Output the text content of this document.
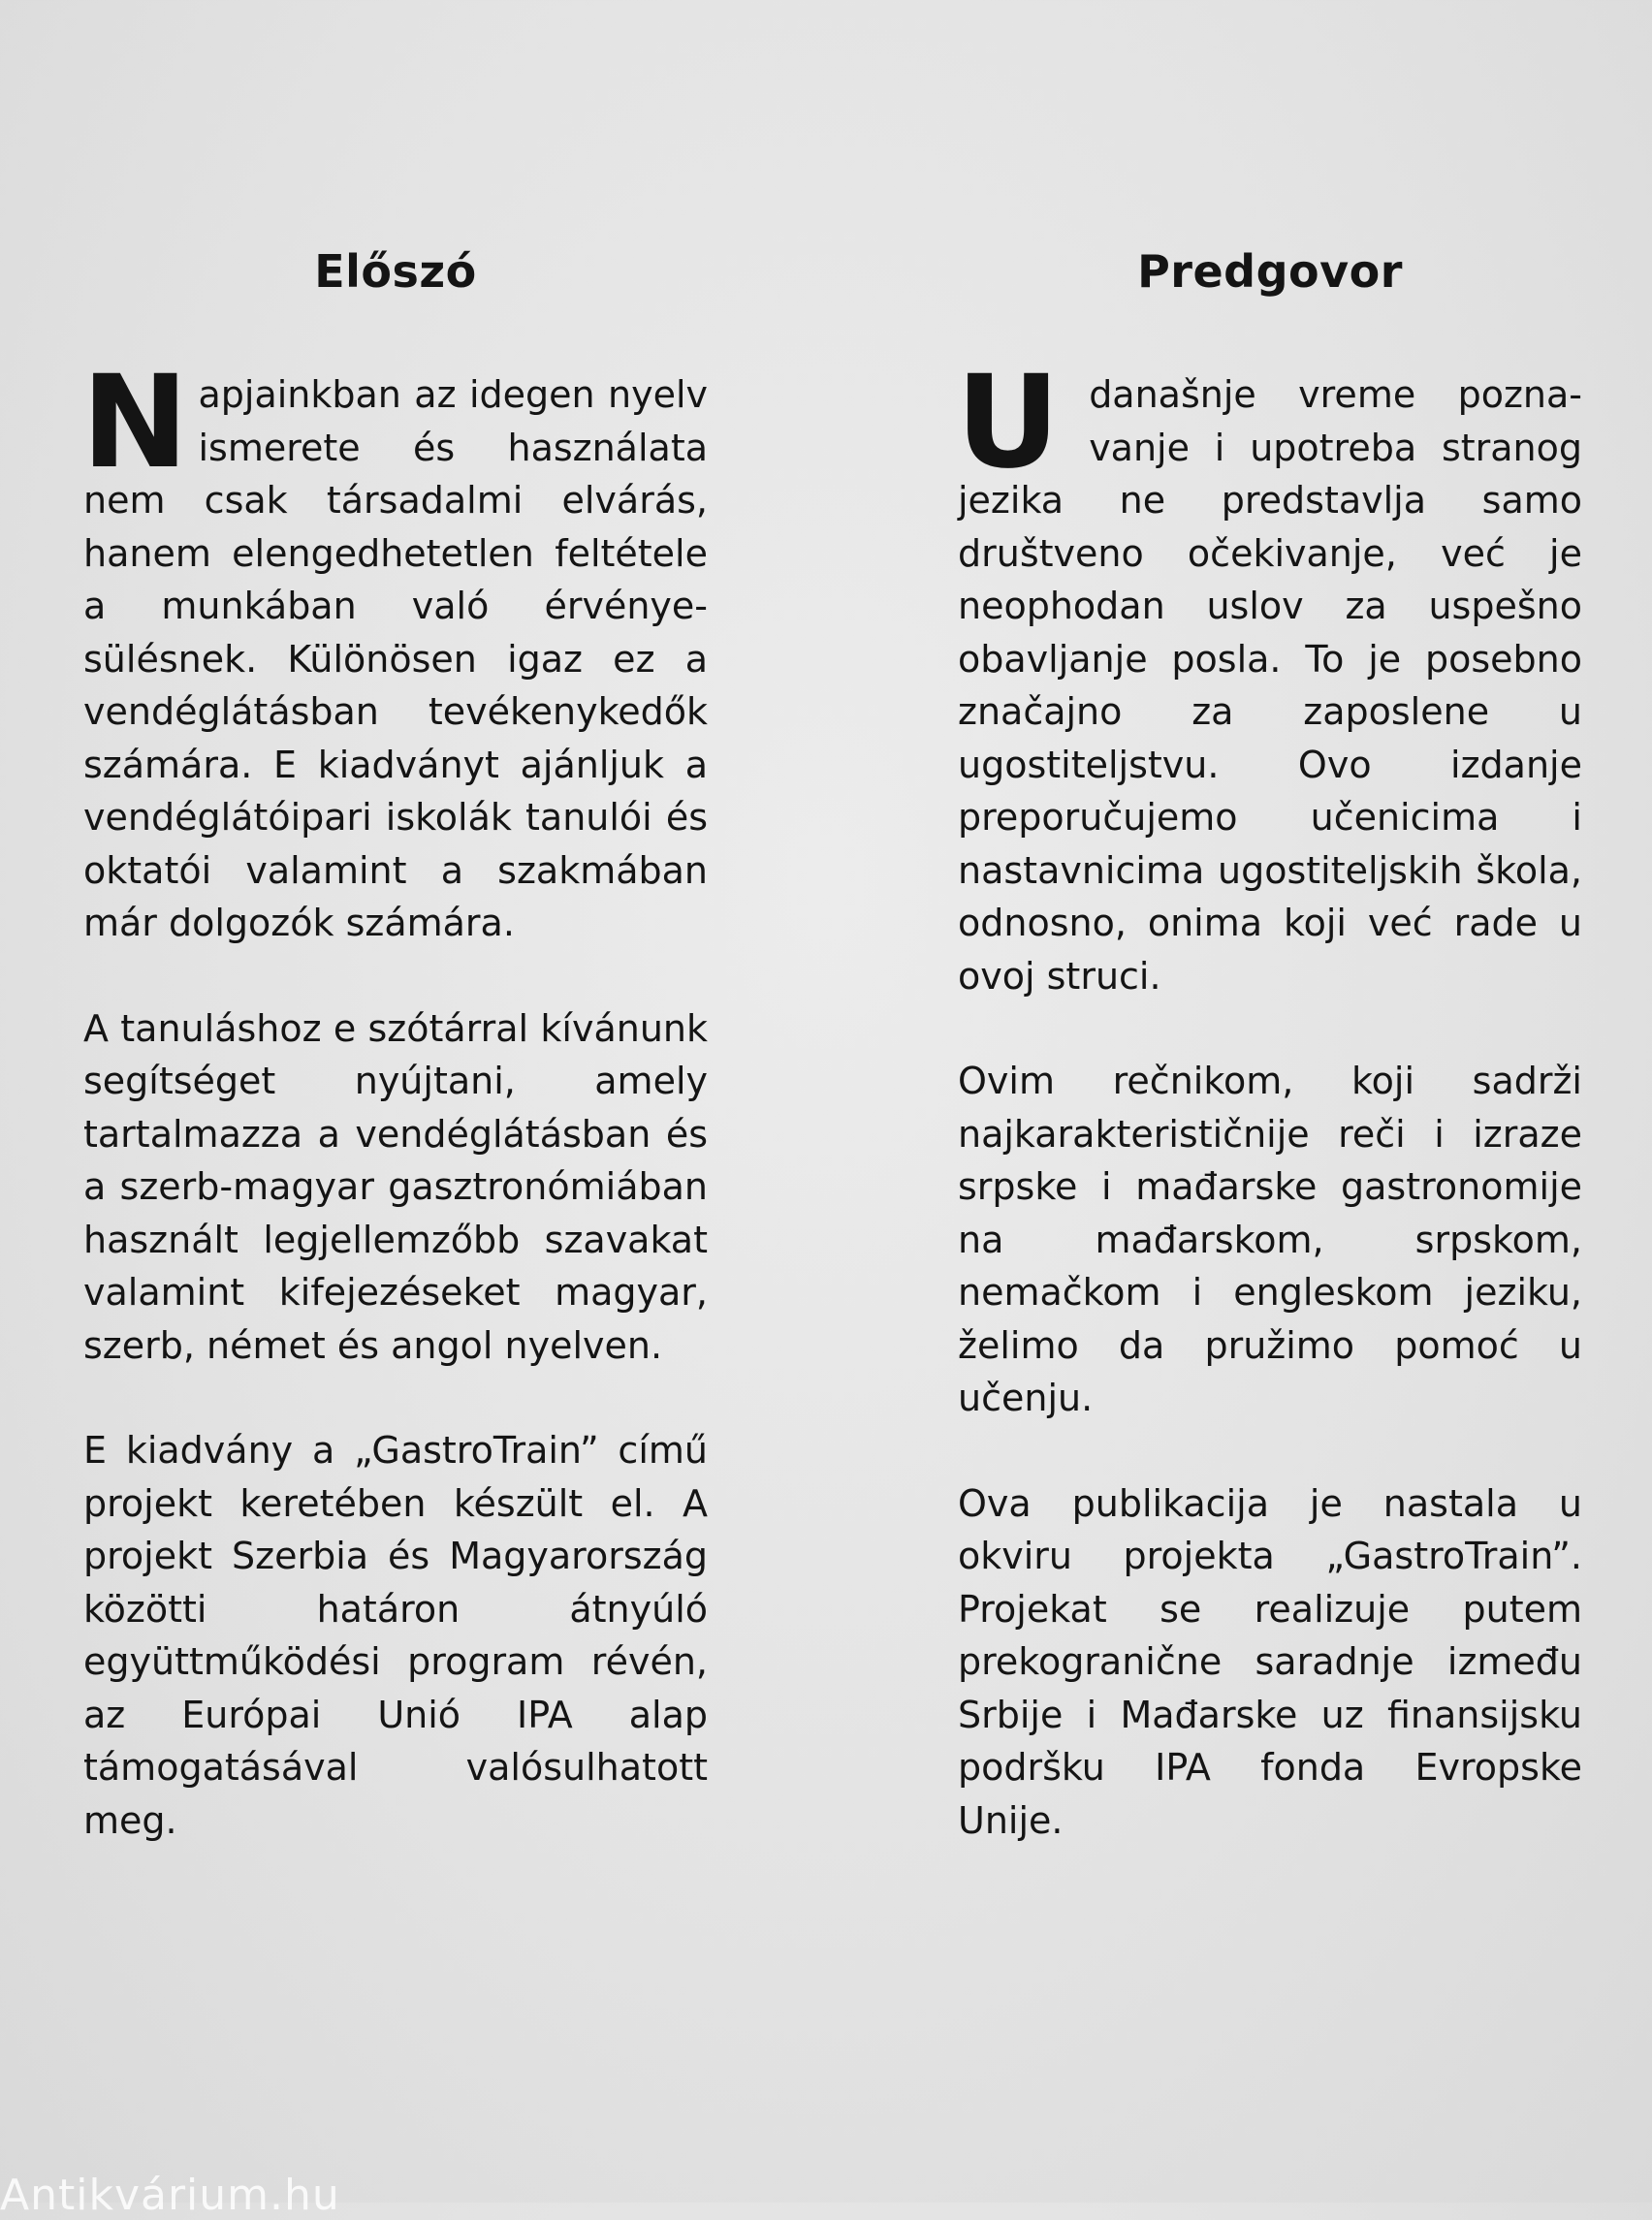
Előszó

Napjainkban az idegen nyelv ismerete és használata nem csak társadalmi elvárás, hanem elengedhetetlen feltétele a munkában való érvényesülésnek. Különösen igaz ez a vendéglátásban tevékenykedők számára. E kiadványt ajánljuk a vendéglátóipari iskolák tanulói és oktatói valamint a szakmában már dolgozók számára.

A tanuláshoz e szótárral kívánunk segítséget nyújtani, amely tartalmazza a vendéglátásban és a szerb-magyar gasztronómiában használt legjellemzőbb szavakat valamint kifejezéseket magyar, szerb, német és angol nyelven.

E kiadvány a „GastroTrain” című projekt keretében készült el. A projekt Szerbia és Magyarország közötti határon átnyúló együttműködési program révén, az Európai Unió IPA alap támogatásával valósulhatott meg.

Predgovor

Udanašnje vreme poznavanje i upotreba stranog jezika ne predstavlja samo društveno očekivanje, već je neophodan uslov za uspešno obavljanje posla. To je posebno značajno za zaposlene u ugostiteljstvu. Ovo izdanje preporučujemo učenicima i nastavnicima ugostiteljskih škola, odnosno, onima koji već rade u ovoj struci.

Ovim rečnikom, koji sadrži najkarakterističnije reči i izraze srpske i mađarske gastronomije na mađarskom, srpskom, nemačkom i engleskom jeziku, želimo da pružimo pomoć u učenju.

Ova publikacija je nastala u okviru projekta „GastroTrain”. Projekat se realizuje putem prekogranične saradnje između Srbije i Mađarske uz finansijsku podršku IPA fonda Evropske Unije.

Antikvárium.hu
